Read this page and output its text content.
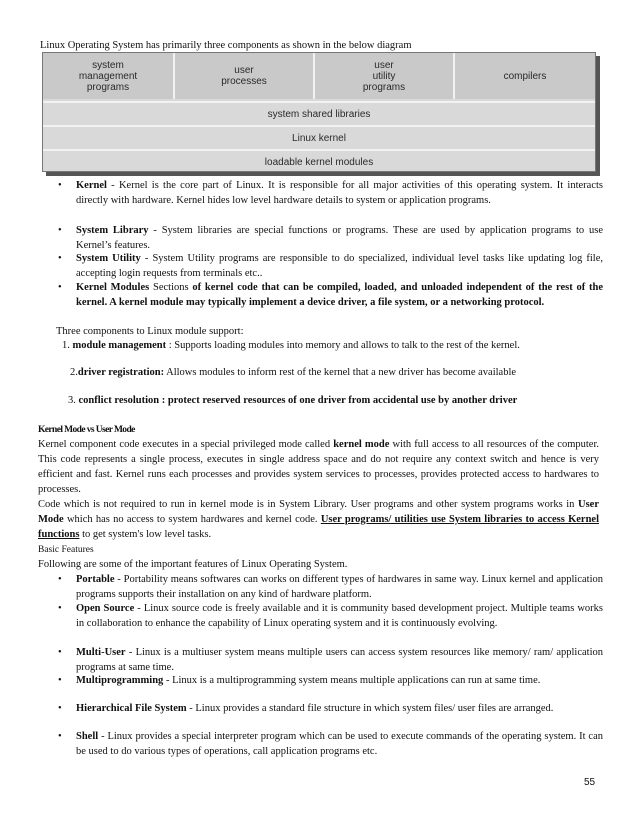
Linux Operating System has primarily three components as shown in the below diagram
system
management
programs
user
processes
user
utility
programs
compilers
system shared libraries
Linux kernel
loadable kernel modules
• Kernel - Kernel is the core part of Linux. It is responsible for all major activities of this operating system. It interacts directly with hardware. Kernel hides low level hardware details to system or application programs.
• System Library - System libraries are special functions or programs. These are used by application programs to use Kernel’s features.
• System Utility - System Utility programs are responsible to do specialized, individual level tasks like updating log file, accepting login requests from terminals etc..
• Kernel Modules Sections of kernel code that can be compiled, loaded, and unloaded independent of the rest of the kernel. A kernel module may typically implement a device driver, a file system, or a networking protocol.
Three components to Linux module support:
1. module management : Supports loading modules into memory and allows to talk to the rest of the kernel.
2.driver registration: Allows modules to inform rest of the kernel that a new driver has become available
3. conflict resolution : protect reserved resources of one driver from accidental use by another driver
Kernel Mode vs User Mode
Kernel component code executes in a special privileged mode called kernel mode with full access to all resources of the computer. This code represents a single process, executes in single address space and do not require any context switch and hence is very efficient and fast. Kernel runs each processes and provides system services to processes, provides protected access to hardwares to processes.
Code which is not required to run in kernel mode is in System Library. User programs and other system programs works in User Mode which has no access to system hardwares and kernel code. User programs/ utilities use System libraries to access Kernel functions to get system's low level tasks.
Basic Features
Following are some of the important features of Linux Operating System.
• Portable - Portability means softwares can works on different types of hardwares in same way. Linux kernel and application programs supports their installation on any kind of hardware platform.
• Open Source - Linux source code is freely available and it is community based development project. Multiple teams works in collaboration to enhance the capability of Linux operating system and it is continuously evolving.
• Multi-User - Linux is a multiuser system means multiple users can access system resources like memory/ ram/ application programs at same time.
• Multiprogramming - Linux is a multiprogramming system means multiple applications can run at same time.
• Hierarchical File System - Linux provides a standard file structure in which system files/ user files are arranged.
• Shell - Linux provides a special interpreter program which can be used to execute commands of the operating system. It can be used to do various types of operations, call application programs etc.
55
